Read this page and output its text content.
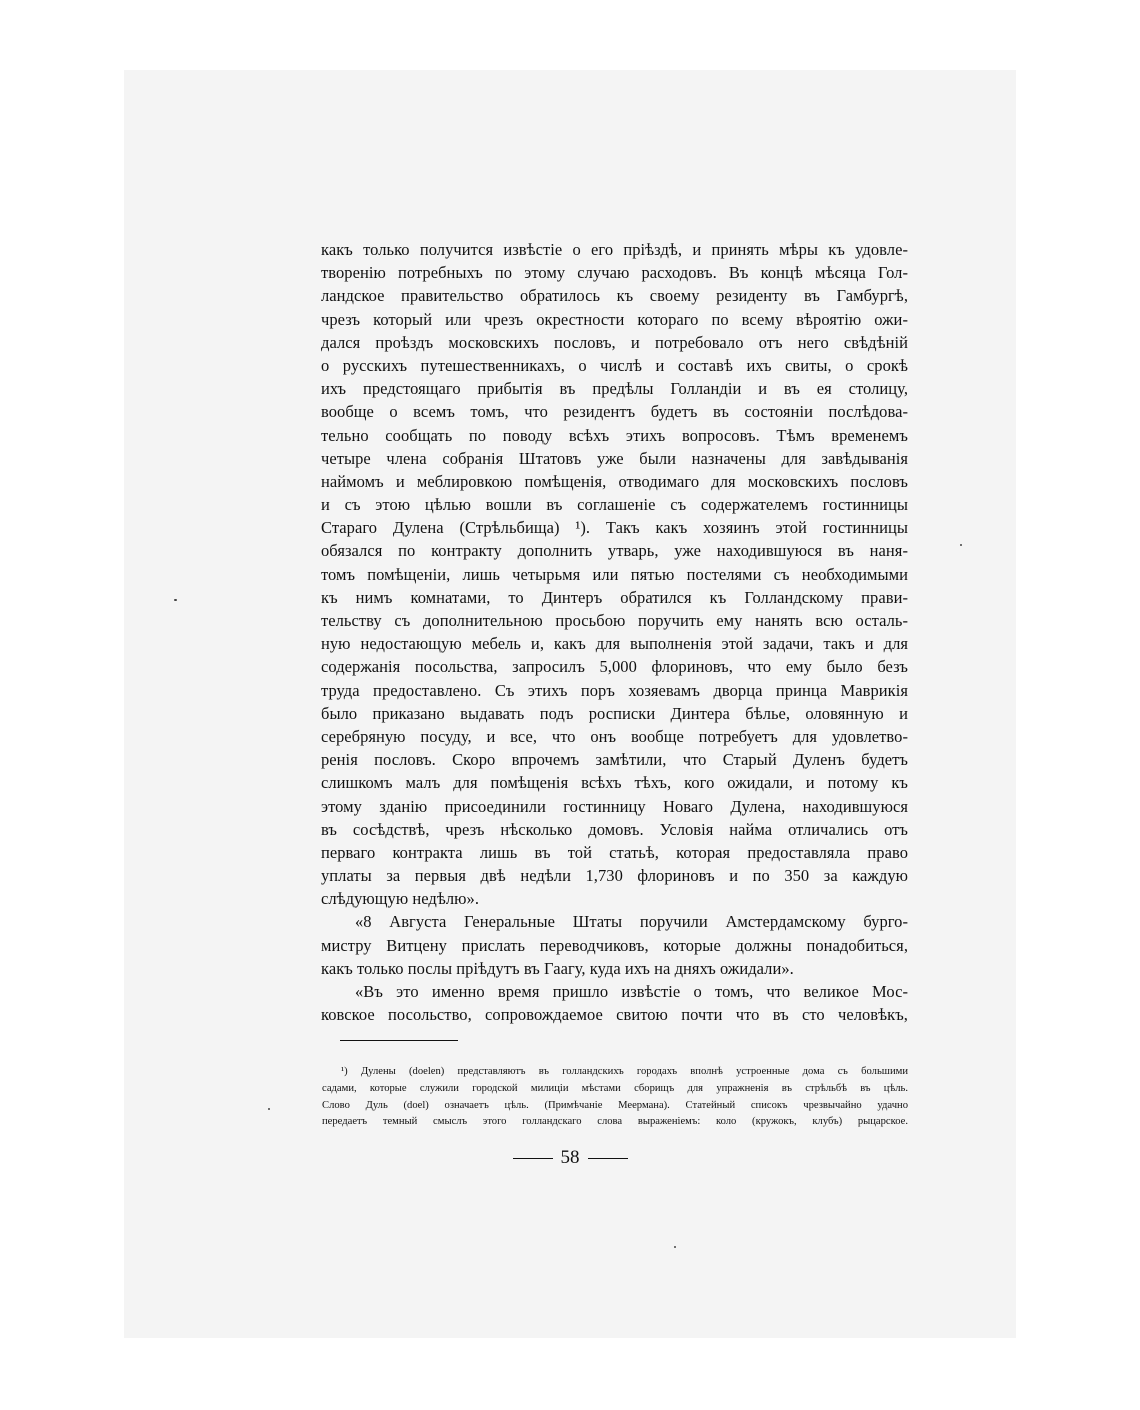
какъ только получится извѣстіе о его пріѣздѣ, и принять мѣры къ удовле-
творенію потребныхъ по этому случаю расходовъ. Въ концѣ мѣсяца Гол-
ландское правительство обратилось къ своему резиденту въ Гамбургѣ,
чрезъ который или чрезъ окрестности котораго по всему вѣроятію ожи-
дался проѣздъ московскихъ пословъ, и потребовало отъ него свѣдѣній
о русскихъ путешественникахъ, о числѣ и составѣ ихъ свиты, о срокѣ
ихъ предстоящаго прибытія въ предѣлы Голландіи и въ ея столицу,
вообще о всемъ томъ, что резидентъ будетъ въ состояніи послѣдова-
тельно сообщать по поводу всѣхъ этихъ вопросовъ. Тѣмъ временемъ
четыре члена собранія Штатовъ уже были назначены для завѣдыванія
наймомъ и меблировкою помѣщенія, отводимаго для московскихъ пословъ
и съ этою цѣлью вошли въ соглашеніе съ содержателемъ гостинницы
Стараго Дулена (Стрѣльбища) ¹). Такъ какъ хозяинъ этой гостинницы
обязался по контракту дополнить утварь, уже находившуюся въ нaня-
томъ помѣщеніи, лишь четырьмя или пятью постелями съ необходимыми
къ нимъ комнатами, то Динтеръ обратился къ Голландскому прави-
тельству съ дополнительною просьбою поручить ему нанять всю осталь-
ную недостающую мебель и, какъ для выполненія этой задачи, такъ и для
содержанія посольства, запросилъ 5,000 флориновъ, что ему было безъ
труда предоставлено. Съ этихъ поръ хозяевамъ дворца принца Маврикія
было приказано выдавать подъ росписки Динтера бѣлье, оловянную и
серебряную посуду, и все, что онъ вообще потребуетъ для удовлетво-
ренія пословъ. Скоро впрочемъ замѣтили, что Старый Дуленъ будетъ
слишкомъ малъ для помѣщенія всѣхъ тѣхъ, кого ожидали, и потому къ
этому зданію присоединили гостинницу Новаго Дулена, находившуюся
въ сосѣдствѣ, чрезъ нѣсколько домовъ. Условія найма отличались отъ
перваго контракта лишь въ той статьѣ, которая предоставляла право
уплаты за первыя двѣ недѣли 1,730 флориновъ и по 350 за каждую
слѣдующую недѣлю».
«8 Августа Генеральные Штаты поручили Амстердамскому бурго-
мистру Витцену прислать переводчиковъ, которые должны понадобиться,
какъ только послы пріѣдутъ въ Гаагу, куда ихъ на дняхъ ожидали».
«Въ это именно время пришло извѣстіе о томъ, что великое Мос-
ковское посольство, сопровождаемое свитою почти что въ сто человѣкъ,
¹) Дулены (doelen) представляютъ въ голландскихъ городахъ вполнѣ устроенные дома съ большими
садами, которые служили городской милиціи мѣстами сборищъ для упражненія въ стрѣльбѣ въ цѣль.
Слово Дуль (doel) означаетъ цѣль. (Примѣчаніе Меермана). Статейный списокъ чрезвычайно удачно
передаетъ темный смыслъ этого голландскаго слова выраженіемъ: коло (кружокъ, клубъ) рыцарское.
58
